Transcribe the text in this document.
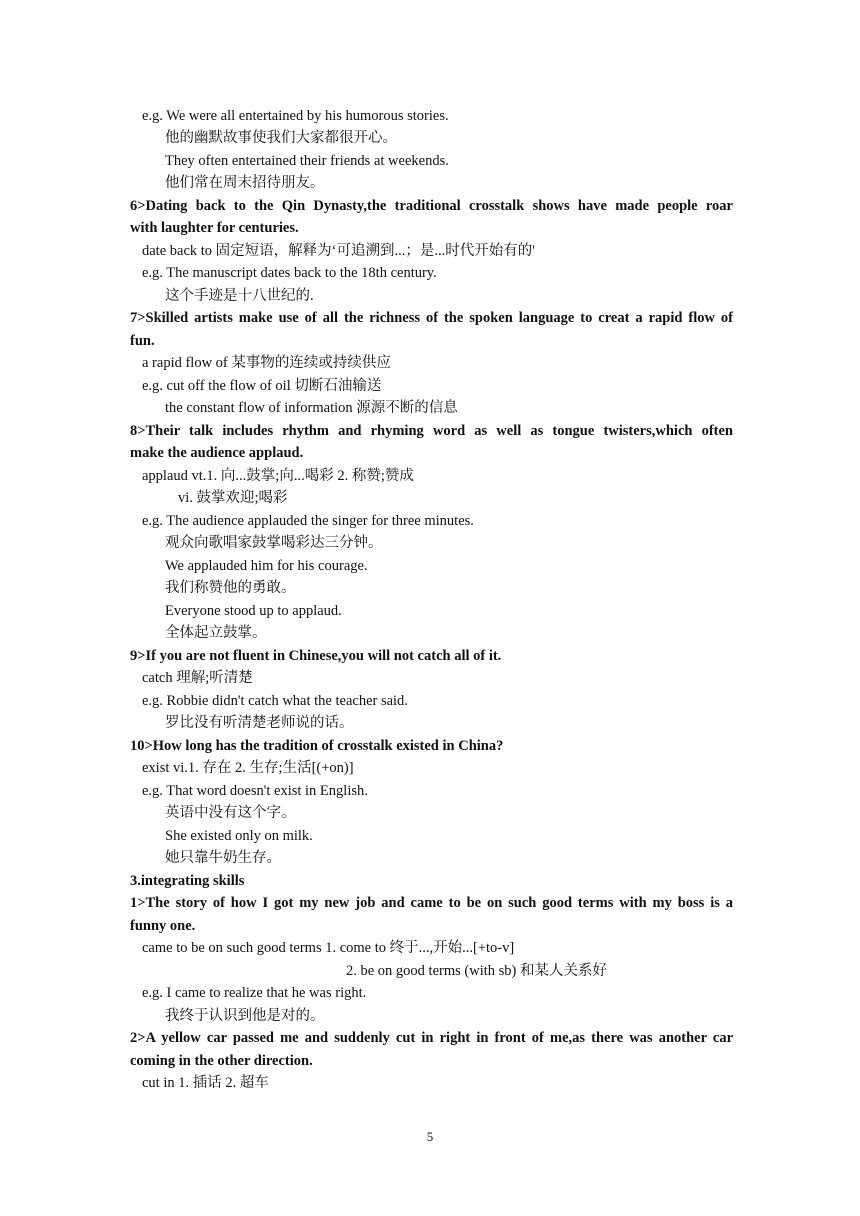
e.g. We were all entertained by his humorous stories.
他的幽默故事使我们大家都很开心。
They often entertained their friends at weekends.
他们常在周末招待朋友。
6>Dating back to the Qin Dynasty,the traditional crosstalk shows have made people roar
with laughter for centuries.
date back to 固定短语，解释为‘可追溯到...；是...时代开始有的'
e.g. The manuscript dates back to the 18th century.
这个手迹是十八世纪的.
7>Skilled artists make use of all the richness of the spoken language to creat a rapid flow of
fun.
a rapid flow of 某事物的连续或持续供应
e.g. cut off the flow of oil 切断石油输送
the constant flow of information 源源不断的信息
8>Their talk includes rhythm and rhyming word as well as tongue twisters,which often
make the audience applaud.
applaud vt.1. 向...鼓掌;向...喝彩 2. 称赞;赞成
vi. 鼓掌欢迎;喝彩
e.g. The audience applauded the singer for three minutes.
观众向歌唱家鼓掌喝彩达三分钟。
We applauded him for his courage.
我们称赞他的勇敢。
Everyone stood up to applaud.
全体起立鼓掌。
9>If you are not fluent in Chinese,you will not catch all of it.
catch 理解;听清楚
e.g. Robbie didn't catch what the teacher said.
罗比没有听清楚老师说的话。
10>How long has the tradition of crosstalk existed in China?
exist vi.1. 存在 2. 生存;生活[(+on)]
e.g. That word doesn't exist in English.
英语中没有这个字。
She existed only on milk.
她只靠牛奶生存。
3.integrating skills
1>The story of how I got my new job and came to be on such good terms with my boss is a
funny one.
came to be on such good terms 1. come to 终于...,开始...[+to-v]
2. be on good terms (with sb) 和某人关系好
e.g. I came to realize that he was right.
我终于认识到他是对的。
2>A yellow car passed me and suddenly cut in right in front of me,as there was another car
coming in the other direction.
cut in 1. 插话 2. 超车
5
